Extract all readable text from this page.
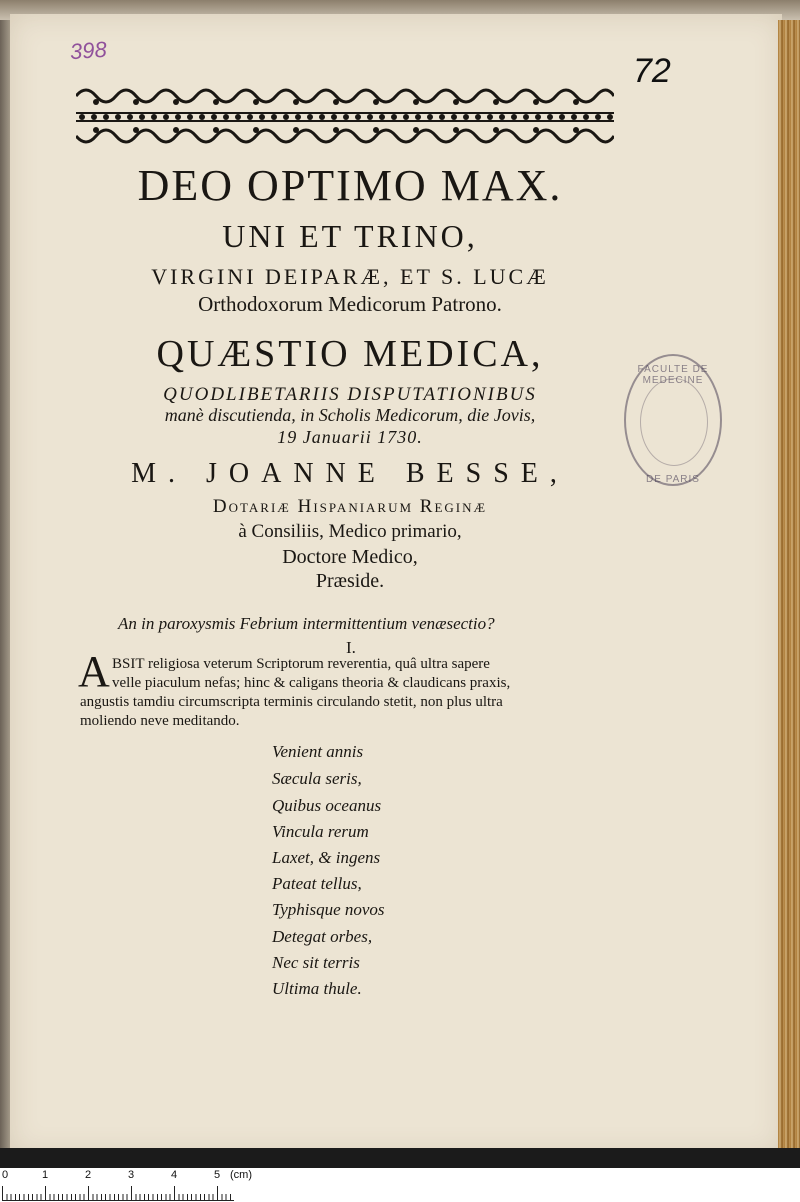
398
72
FACULTE DE MEDECINE
DE PARIS
DEO OPTIMO MAX.
UNI ET TRINO,
VIRGINI DEIPARÆ, ET S. LUCÆ
Orthodoxorum Medicorum Patrono.
QUÆSTIO MEDICA,
QUODLIBETARIIS DISPUTATIONIBUS
manè discutienda, in Scholis Medicorum, die Jovis,
19 Januarii 1730.
M. JOANNE BESSE,
Dotariæ Hispaniarum Reginæ
à Consiliis, Medico primario,
Doctore Medico,
Præside.
An in paroxysmis Febrium intermittentium venæsectio?
I.
A BSIT religiosa veterum Scriptorum reverentia, quâ ultra sapere
velle piaculum nefas; hinc & caligans theoria & claudicans praxis,
angustis tamdiu circumscripta terminis circulando stetit, non plus ultra
moliendo neve meditando.
Venient annis
Sæcula seris,
Quibus oceanus
Vincula rerum
Laxet, & ingens
Pateat tellus,
Typhisque novos
Detegat orbes,
Nec sit terris
Ultima thule.
0	1	2	3	4	5 (cm)
